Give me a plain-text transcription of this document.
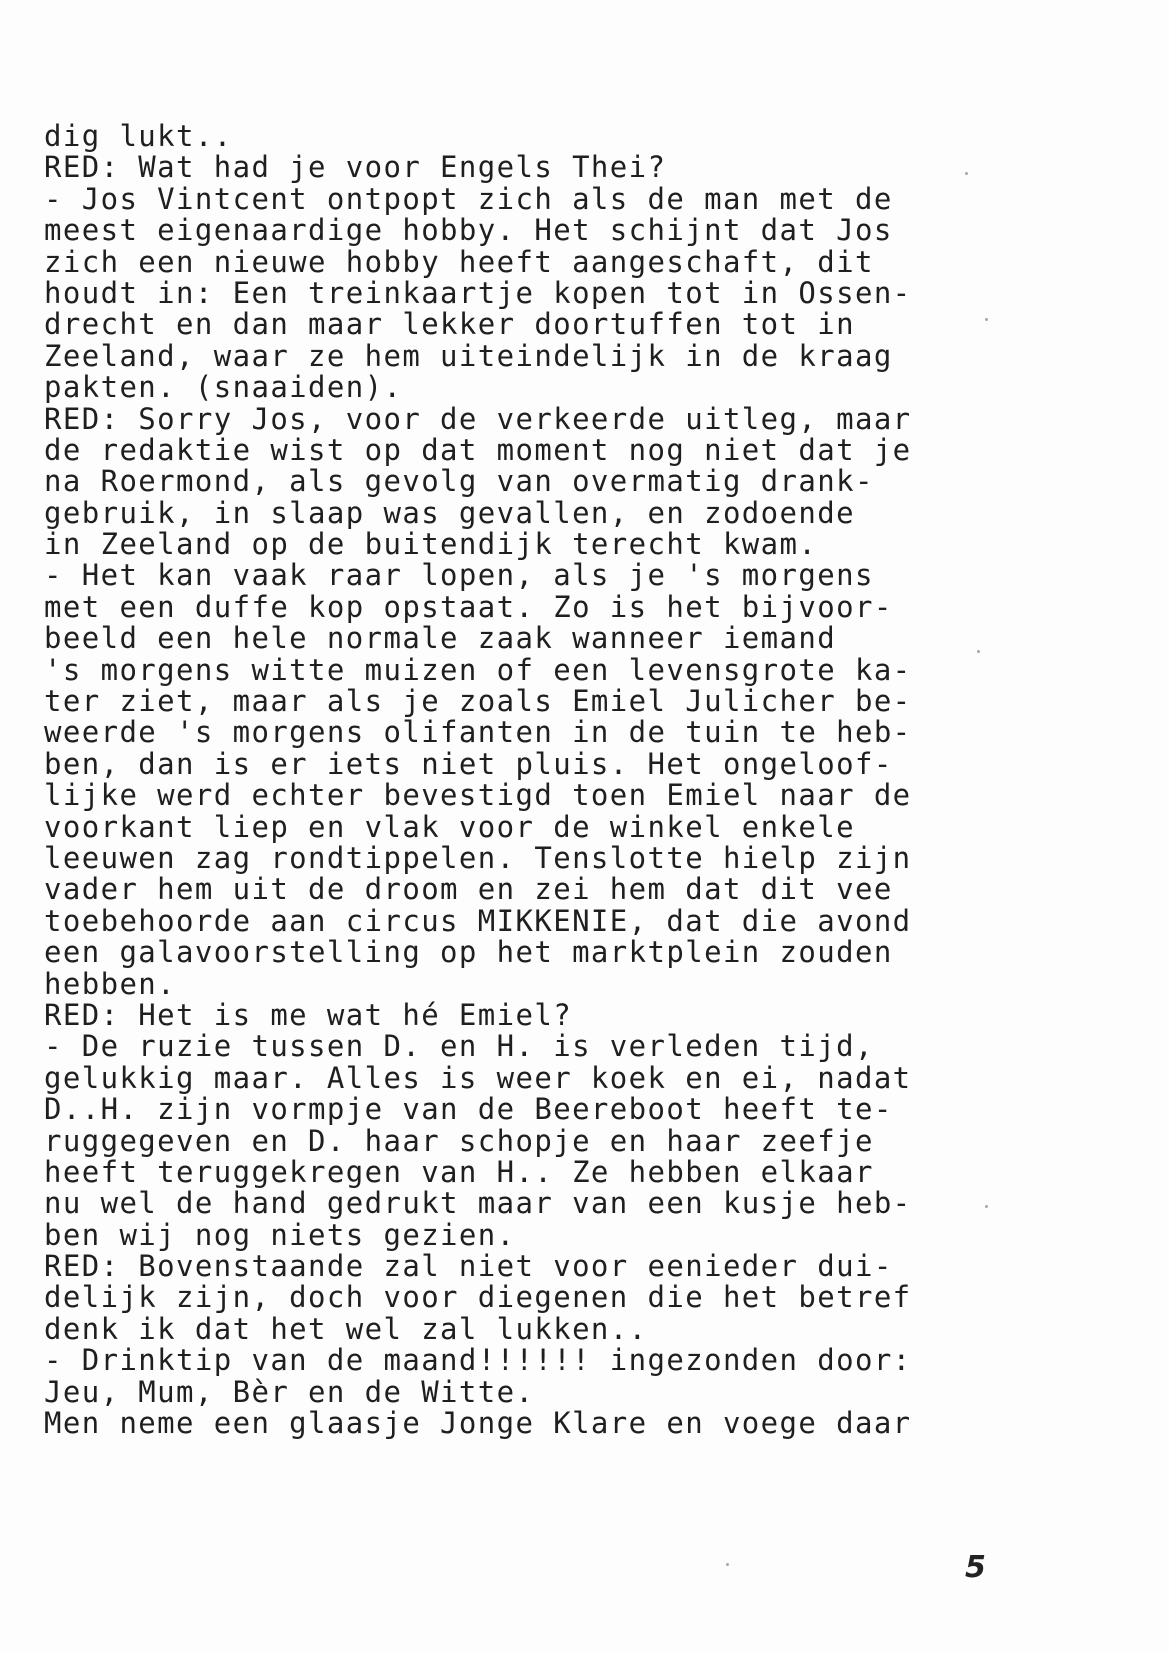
dig lukt..
RED: Wat had je voor Engels Thei?
- Jos Vintcent ontpopt zich als de man met de
meest eigenaardige hobby. Het schijnt dat Jos
zich een nieuwe hobby heeft aangeschaft, dit
houdt in: Een treinkaartje kopen tot in Ossen-
drecht en dan maar lekker doortuffen tot in
Zeeland, waar ze hem uiteindelijk in de kraag
pakten. (snaaiden).
RED: Sorry Jos, voor de verkeerde uitleg, maar
de redaktie wist op dat moment nog niet dat je
na Roermond, als gevolg van overmatig drank-
gebruik, in slaap was gevallen, en zodoende
in Zeeland op de buitendijk terecht kwam.
- Het kan vaak raar lopen, als je 's morgens
met een duffe kop opstaat. Zo is het bijvoor-
beeld een hele normale zaak wanneer iemand
's morgens witte muizen of een levensgrote ka-
ter ziet, maar als je zoals Emiel Julicher be-
weerde 's morgens olifanten in de tuin te heb-
ben, dan is er iets niet pluis. Het ongeloof-
lijke werd echter bevestigd toen Emiel naar de
voorkant liep en vlak voor de winkel enkele
leeuwen zag rondtippelen. Tenslotte hielp zijn
vader hem uit de droom en zei hem dat dit vee
toebehoorde aan circus MIKKENIE, dat die avond
een galavoorstelling op het marktplein zouden
hebben.
RED: Het is me wat hé Emiel?
- De ruzie tussen D. en H. is verleden tijd,
gelukkig maar. Alles is weer koek en ei, nadat
D..H. zijn vormpje van de Beereboot heeft te-
ruggegeven en D. haar schopje en haar zeefje
heeft teruggekregen van H.. Ze hebben elkaar
nu wel de hand gedrukt maar van een kusje heb-
ben wij nog niets gezien.
RED: Bovenstaande zal niet voor eenieder dui-
delijk zijn, doch voor diegenen die het betref
denk ik dat het wel zal lukken..
- Drinktip van de maand!!!!!! ingezonden door:
Jeu, Mum, Bèr en de Witte.
Men neme een glaasje Jonge Klare en voege daar
5
